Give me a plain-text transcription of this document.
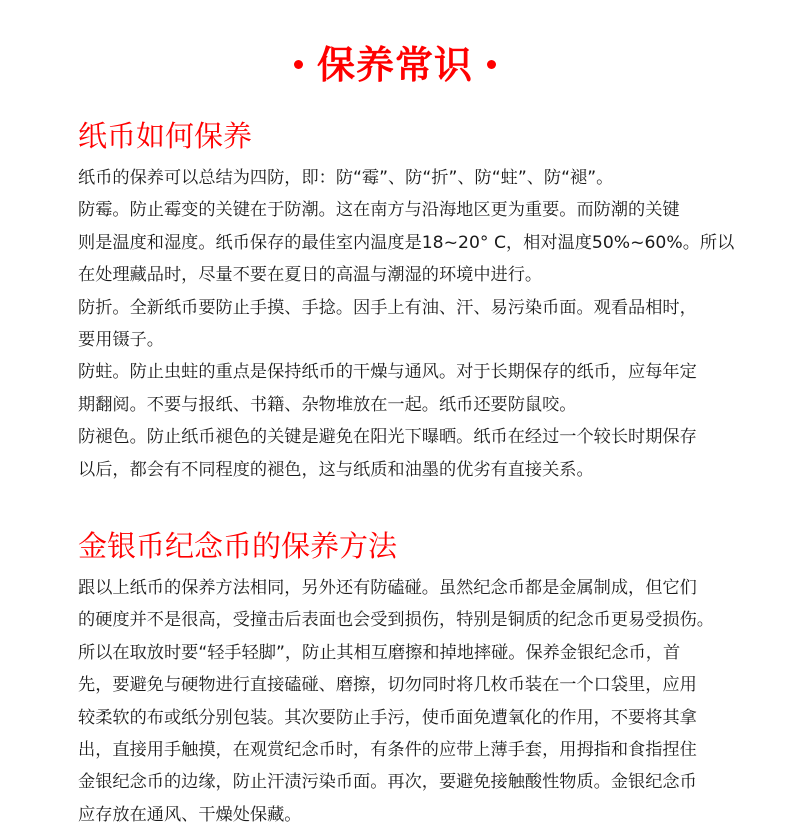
保养常识
纸币如何保养

纸币的保养可以总结为四防，即：防“霉”、防“折”、防“蛀”、防“褪”。
防霉。防止霉变的关键在于防潮。这在南方与沿海地区更为重要。而防潮的关键
则是温度和湿度。纸币保存的最佳室内温度是18~20° C，相对温度50%~60%。所以
在处理藏品时，尽量不要在夏日的高温与潮湿的环境中进行。
防折。全新纸币要防止手摸、手捻。因手上有油、汗、易污染币面。观看品相时，
要用镊子。
防蛀。防止虫蛀的重点是保持纸币的干燥与通风。对于长期保存的纸币，应每年定
期翻阅。不要与报纸、书籍、杂物堆放在一起。纸币还要防鼠咬。
防褪色。防止纸币褪色的关键是避免在阳光下曝晒。纸币在经过一个较长时期保存
以后，都会有不同程度的褪色，这与纸质和油墨的优劣有直接关系。

金银币纪念币的保养方法

跟以上纸币的保养方法相同，另外还有防磕碰。虽然纪念币都是金属制成，但它们
的硬度并不是很高，受撞击后表面也会受到损伤，特别是铜质的纪念币更易受损伤。
所以在取放时要“轻手轻脚”，防止其相互磨擦和掉地摔碰。保养金银纪念币，首
先，要避免与硬物进行直接磕碰、磨擦，切勿同时将几枚币装在一个口袋里，应用
较柔软的布或纸分别包装。其次要防止手污，使币面免遭氧化的作用，不要将其拿
出，直接用手触摸，在观赏纪念币时，有条件的应带上薄手套，用拇指和食指捏住
金银纪念币的边缘，防止汗渍污染币面。再次，要避免接触酸性物质。金银纪念币
应存放在通风、干燥处保藏。
